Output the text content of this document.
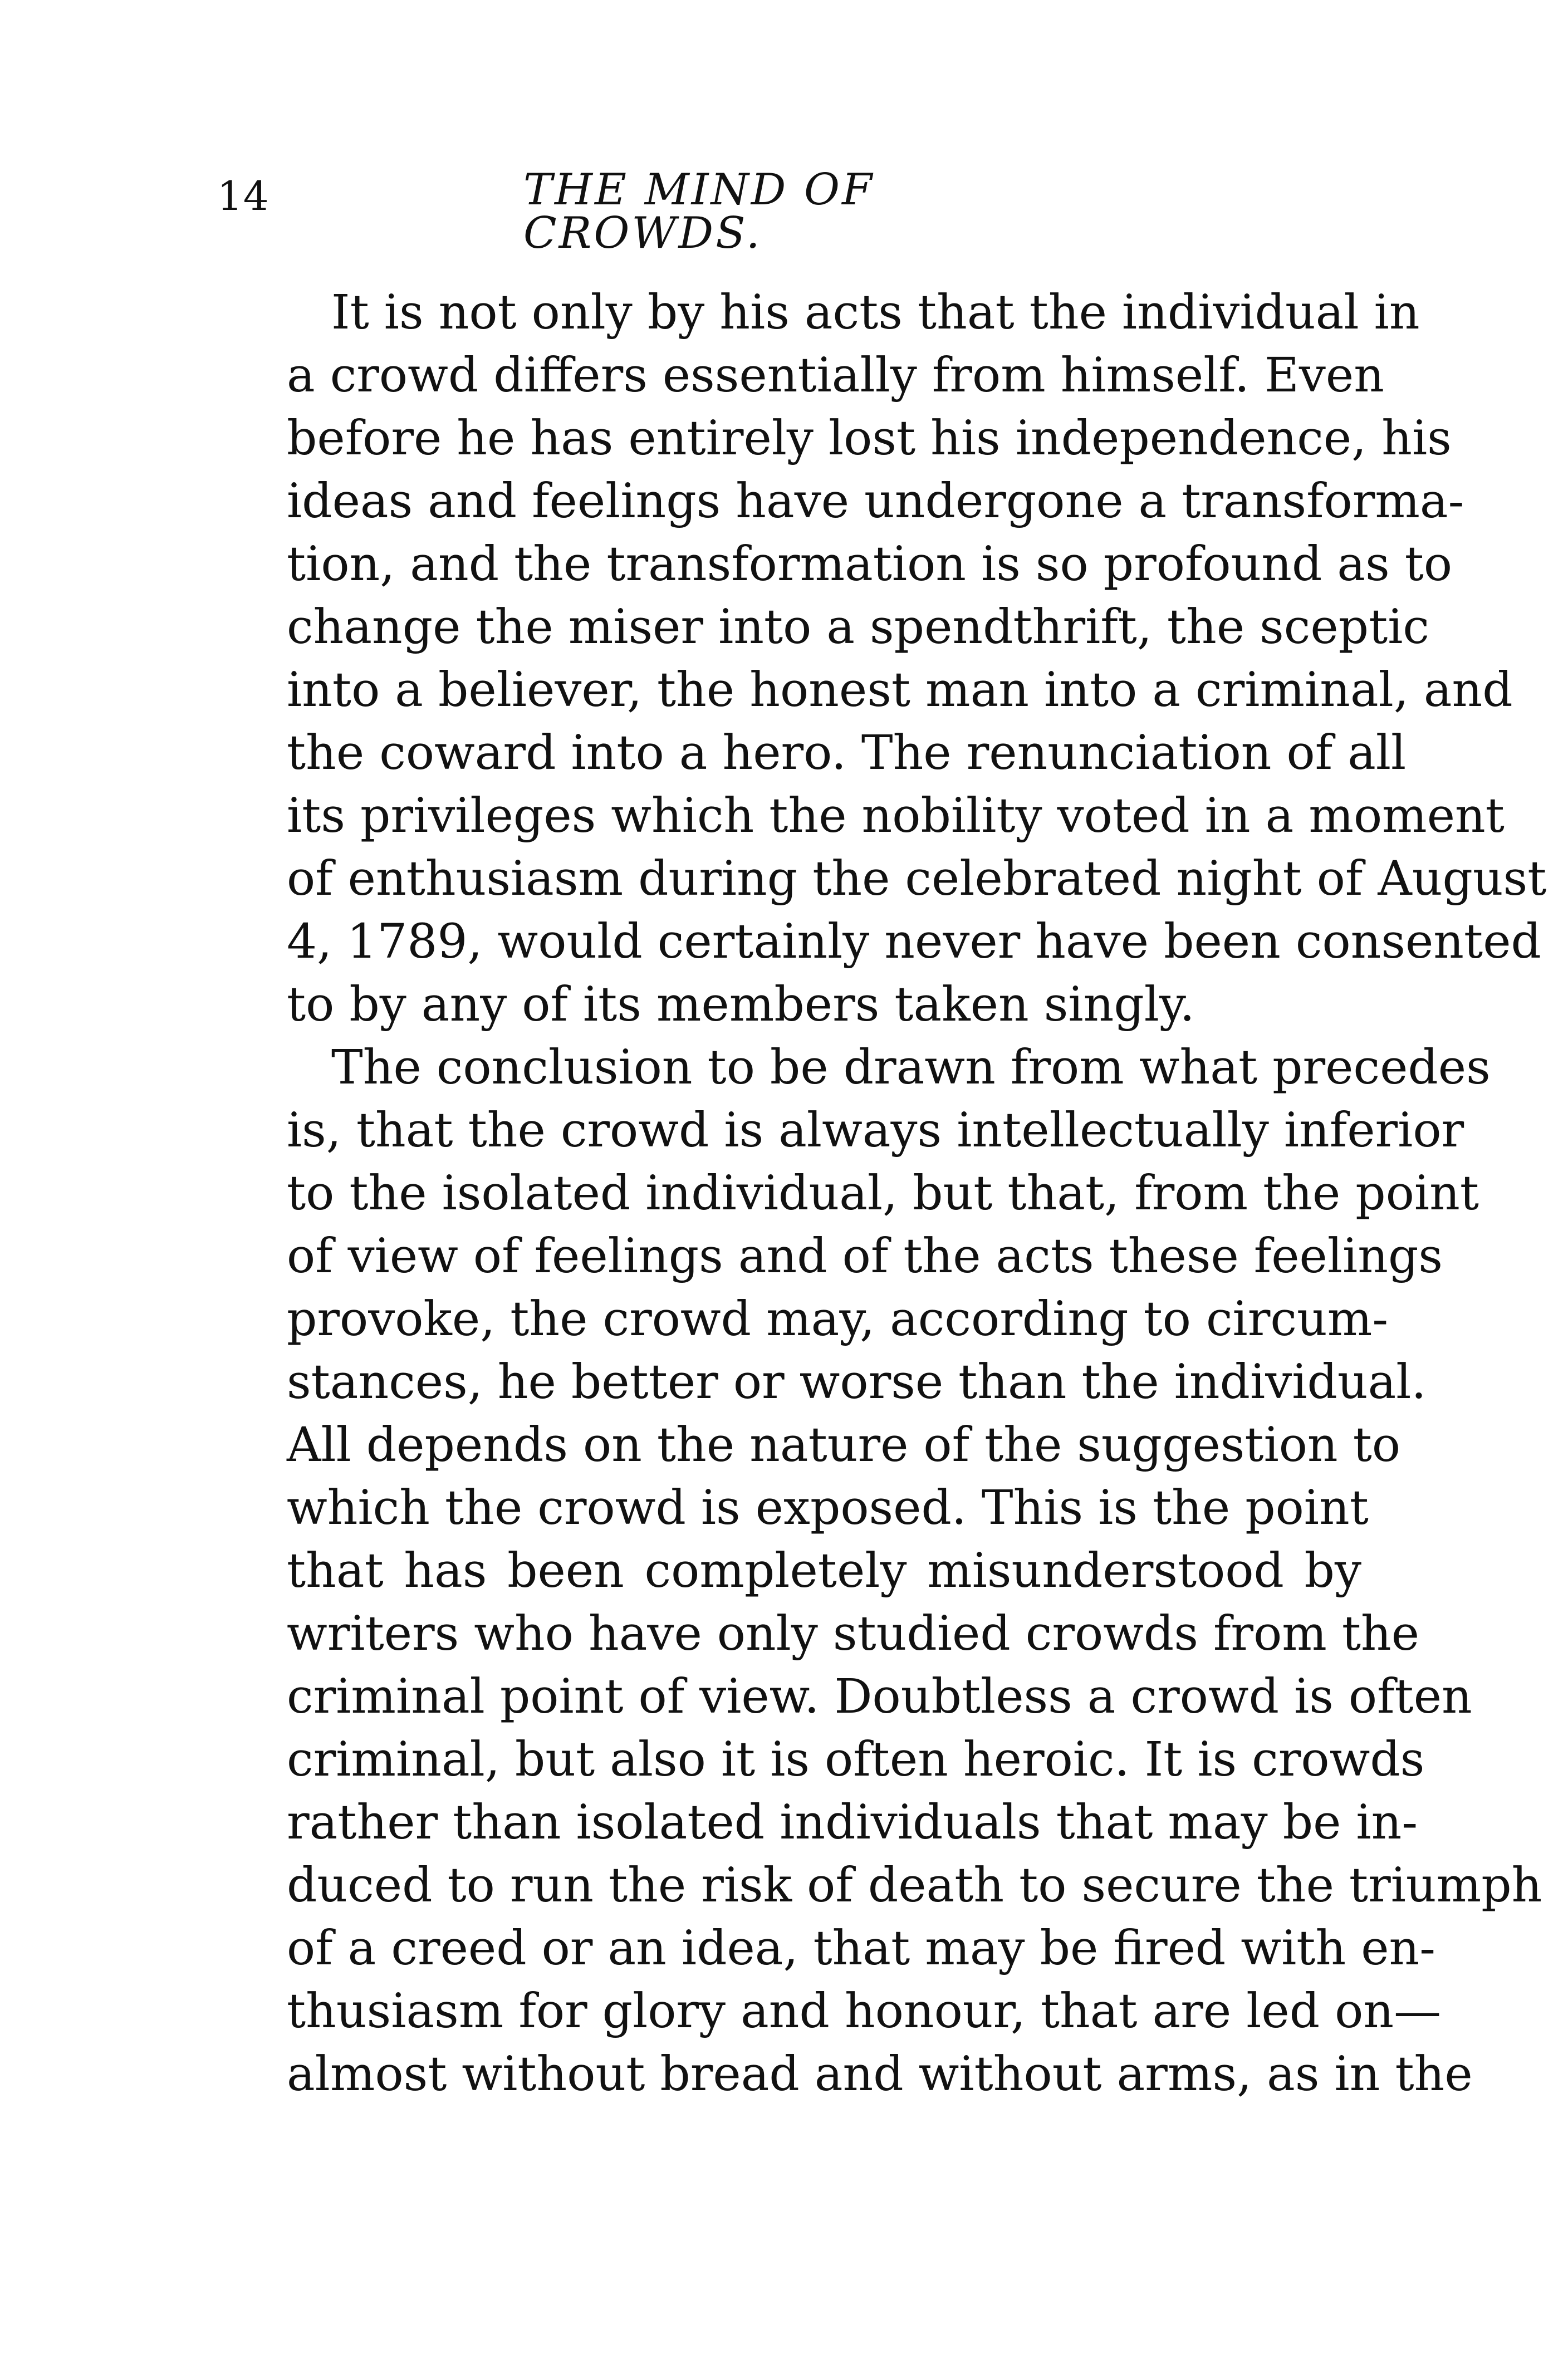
14	THE MIND OF CROWDS.
It is not only by his acts that the individual in
a crowd differs essentially from himself. Even
before he has entirely lost his independence, his
ideas and feelings have undergone a transforma-
tion, and the transformation is so profound as to
change the miser into a spendthrift, the sceptic
into a believer, the honest man into a criminal, and
the coward into a hero. The renunciation of all
its privileges which the nobility voted in a moment
of enthusiasm during the celebrated night of August
4, 1789, would certainly never have been consented
to by any of its members taken singly.
The conclusion to be drawn from what precedes
is, that the crowd is always intellectually inferior
to the isolated individual, but that, from the point
of view of feelings and of the acts these feelings
provoke, the crowd may, according to circum-
stances, he better or worse than the individual.
All depends on the nature of the suggestion to
which the crowd is exposed. This is the point
that has been completely misunderstood by
writers who have only studied crowds from the
criminal point of view. Doubtless a crowd is often
criminal, but also it is often heroic. It is crowds
rather than isolated individuals that may be in-
duced to run the risk of death to secure the triumph
of a creed or an idea, that may be fired with en-
thusiasm for glory and honour, that are led on—
almost without bread and without arms, as in the
